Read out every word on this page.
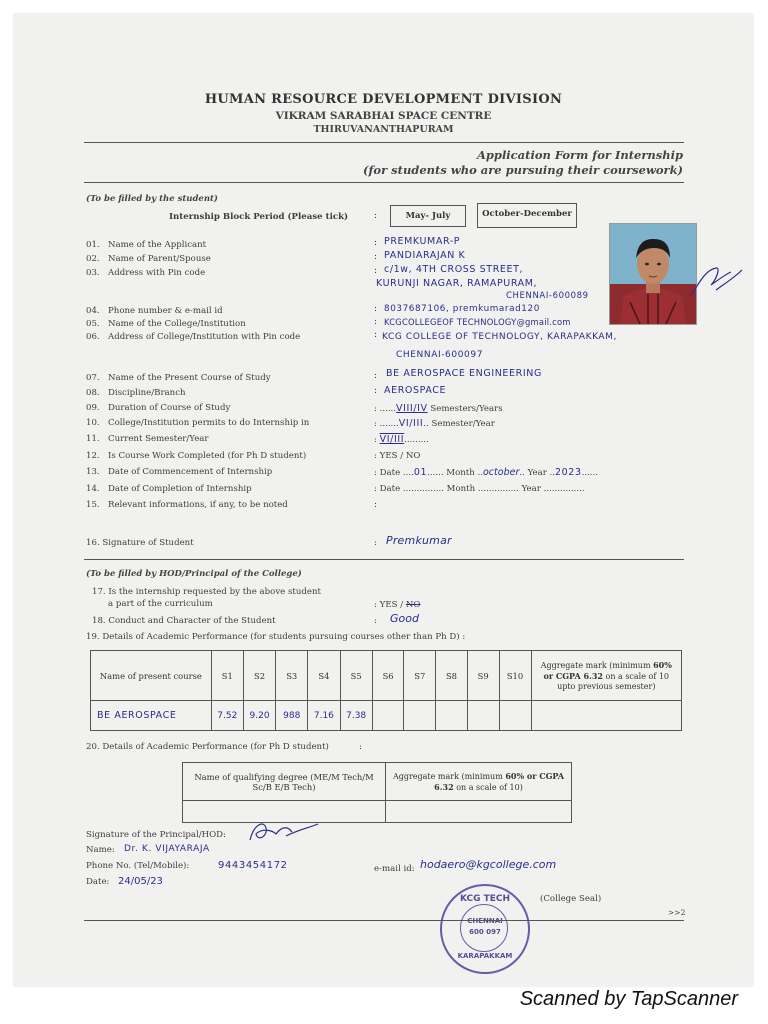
HUMAN RESOURCE DEVELOPMENT DIVISION
VIKRAM SARABHAI SPACE CENTRE
THIRUVANANTHAPURAM
Application Form for Internship
(for students who are pursuing their coursework)
(To be filled by the student)
Internship Block Period (Please tick)	:	May- July	October-December
01. Name of the Applicant	: PREMKUMAR-P
02. Name of Parent/Spouse	: PANDIARAJAN K
03. Address with Pin code	: c/1w, 4TH CROSS STREET,
KURUNJI NAGAR, RAMAPURAM,
CHENNAI-600089
04. Phone number & e-mail id	: 8037687106, premkumarad120
05. Name of the College/Institution	: KCGCOLLEGEOF TECHNOLOGY@gmail.com
06. Address of College/Institution with Pin code	: KCG COLLEGE OF TECHNOLOGY, KARAPAKKAM,
CHENNAI-600097
07. Name of the Present Course of Study	: BE AEROSPACE ENGINEERING
08. Discipline/Branch	: AEROSPACE
09. Duration of Course of Study	: ......VIII/IV Semesters/Years
10. College/Institution permits to do Internship in	: .......VI/III.. Semester/Year
11. Current Semester/Year	: VI/III.........
12. Is Course Work Completed (for Ph D student)	: YES / NO
13. Date of Commencement of Internship	: Date ....01...... Month ..october.. Year ..2023......
14. Date of Completion of Internship	: Date ............... Month ............... Year ...............
15. Relevant informations, if any, to be noted	:
16. Signature of Student	: Premkumar
(To be filled by HOD/Principal of the College)
17. Is the internship requested by the above student
a part of the curriculum	: YES / NO
18. Conduct and Character of the Student	: Good
19. Details of Academic Performance (for students pursuing courses other than Ph D) :
Name of present course	S1	S2	S3	S4	S5	S6	S7	S8	S9	S10	Aggregate mark (minimum 60% or CGPA 6.32 on a scale of 10 upto previous semester)
BE AEROSPACE	7.52	9.20	988	7.16	7.38						
20. Details of Academic Performance (for Ph D student)           :
Name of qualifying degree (ME/M Tech/M Sc/B E/B Tech)	Aggregate mark (minimum 60% or CGPA 6.32 on a scale of 10)

Signature of the Principal/HOD:
Name: Dr. K. VIJAYARAJA
Phone No. (Tel/Mobile):	9443454172
Date: 24/05/23
e-mail id: hodaero@kgcollege.com
KCG TECH
600 097
KARAPAKKAM
(College Seal)
>>2
Scanned by TapScanner
